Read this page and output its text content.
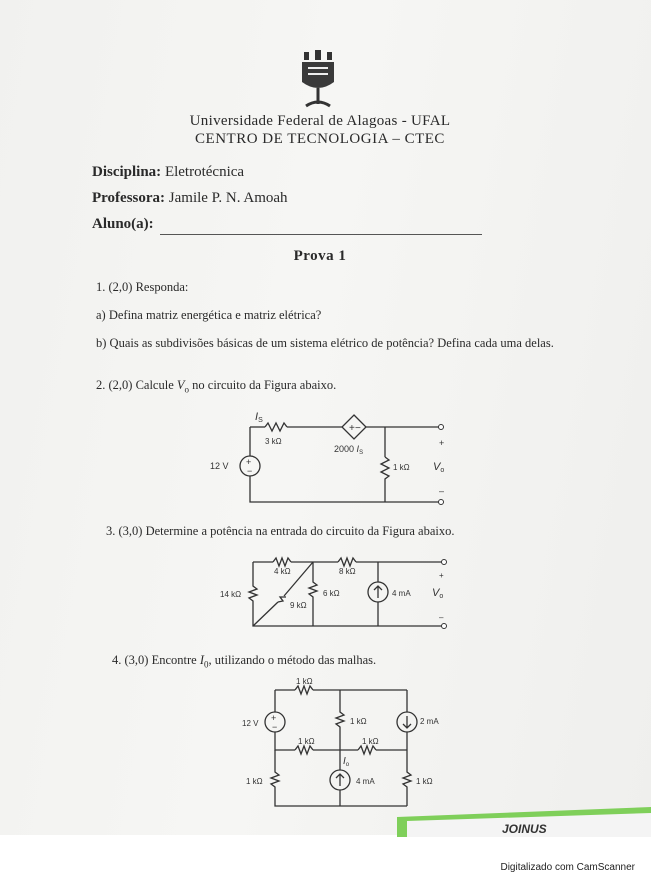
Universidade Federal de Alagoas - UFAL
CENTRO DE TECNOLOGIA – CTEC
Disciplina: Eletrotécnica
Professora: Jamile P. N. Amoah
Aluno(a):
Prova 1
1. (2,0) Responda:
a) Defina matriz energética e matriz elétrica?
b) Quais as subdivisões básicas de um sistema elétrico de potência? Defina cada uma delas.
2. (2,0) Calcule $V_o$ no circuito da Figura abaixo.
+ −
+
−
IS
3 kΩ
2000 $I_S$
12 V	1 kΩ Vo
+
–
3. (3,0) Determine a potência na entrada do circuito da Figura abaixo.
14 kΩ
4 kΩ	8 kΩ
9 kΩ
6 kΩ	4 mA Vo
+
–
4. (3,0) Encontre $I_0$, utilizando o método das malhas.
+
−
1 kΩ
12 V	1 kΩ	2 mA
1 kΩ	1 kΩ
$I_o$
1 kΩ	4 mA	1 kΩ
JOINUS
Digitalizado com CamScanner
